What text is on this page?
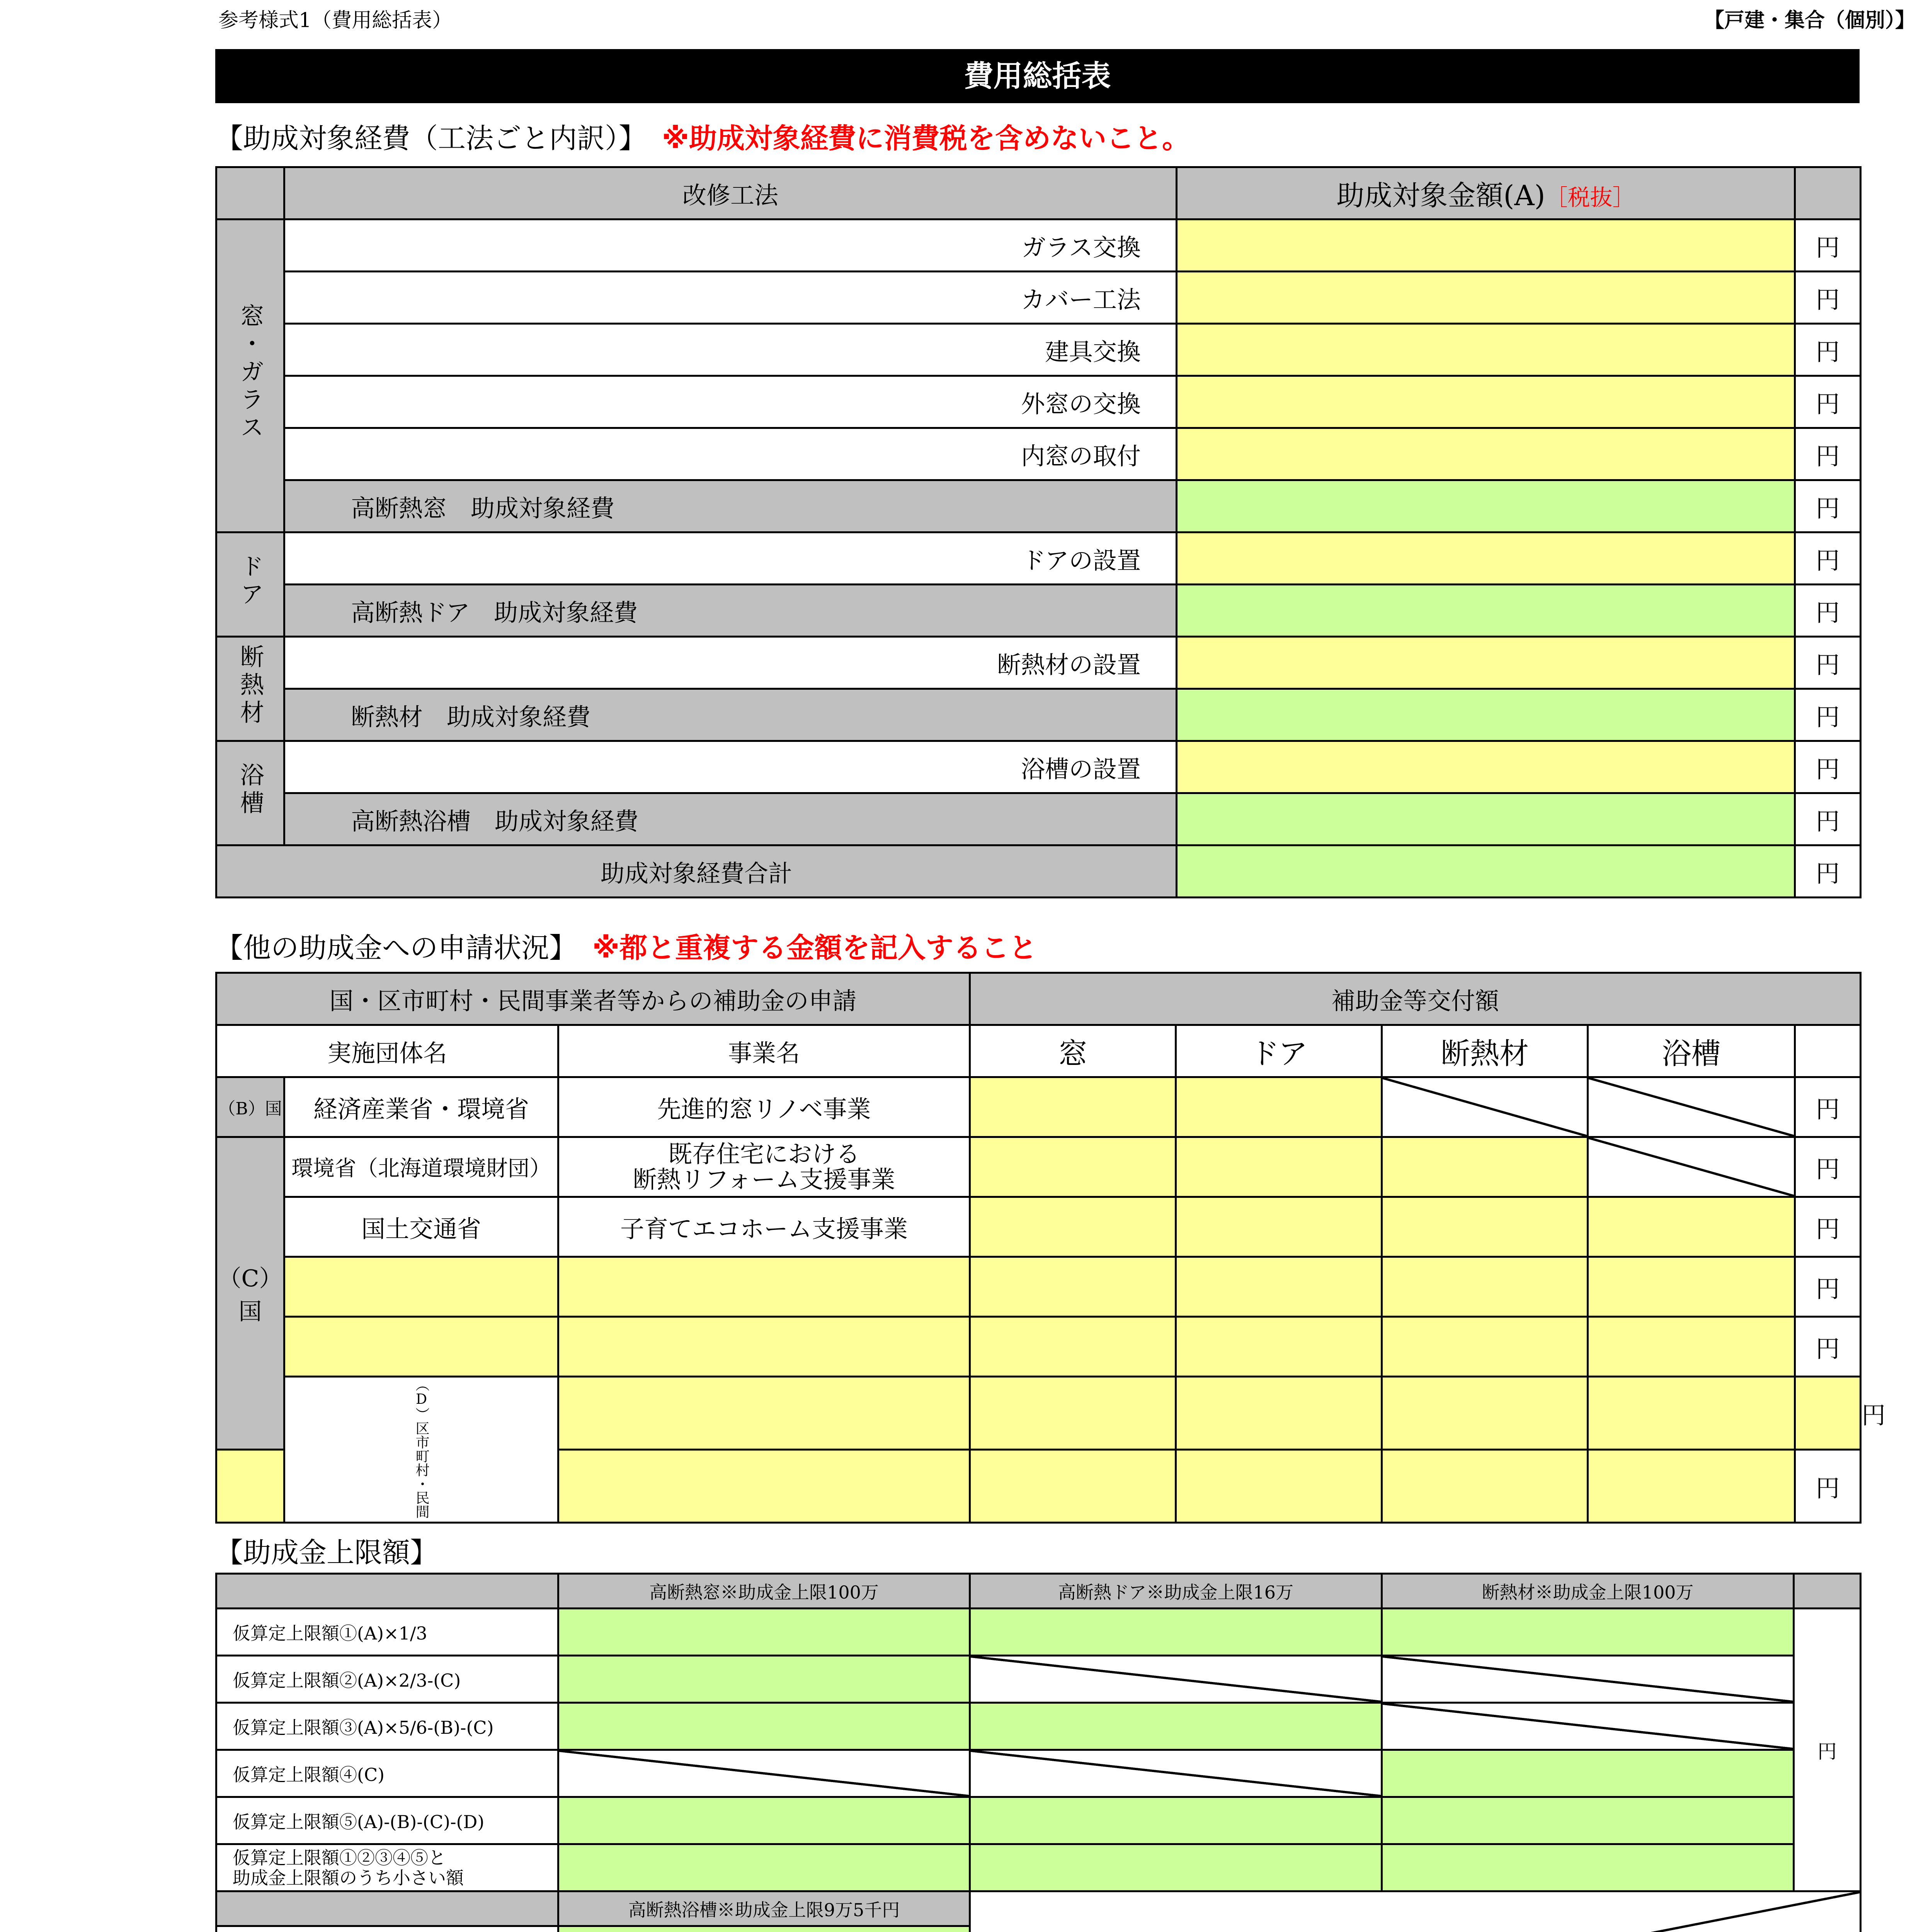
参考様式1（費用総括表）	【戸建・集合（個別）】
費用総括表
【助成対象経費（工法ごと内訳）】 ※助成対象経費に消費税を含めないこと。
	改修工法	助成対象金額(A)［税抜］	
窓・ガラス	ガラス交換		円
	カバー工法		円
	建具交換		円
	外窓の交換		円
	内窓の取付		円
	高断熱窓　助成対象経費		円
ドア	ドアの設置		円
	高断熱ドア　助成対象経費		円
断熱材	断熱材の設置		円
	断熱材　助成対象経費		円
浴槽	浴槽の設置		円
	高断熱浴槽　助成対象経費		円
助成対象経費合計			円
【他の助成金への申請状況】 ※都と重複する金額を記入すること
国・区市町村・民間事業者等からの補助金の申請			補助金等交付額					
実施団体名		事業名	窓	ドア	断熱材	浴槽		
（B）国	経済産業省・環境省	先進的窓リノベ事業					円	
（C）国	環境省（北海道環境財団）	既存住宅における
断熱リフォーム支援事業					円	
	国土交通省	子育てエコホーム支援事業					円	
							円	
							円	
	（D）区市町村・民間							円
							円	
【助成金上限額】
	高断熱窓※助成金上限100万	高断熱ドア※助成金上限16万	断熱材※助成金上限100万	
仮算定上限額①(A)×1/3				円
仮算定上限額②(A)×2/3-(C)				
仮算定上限額③(A)×5/6-(B)-(C)				
仮算定上限額④(C)				
仮算定上限額⑤(A)-(B)-(C)-(D)				

仮算定上限額①②③④⑤と
助成金上限額のうち小さい額				

	高断熱浴槽※助成金上限9万5千円			
